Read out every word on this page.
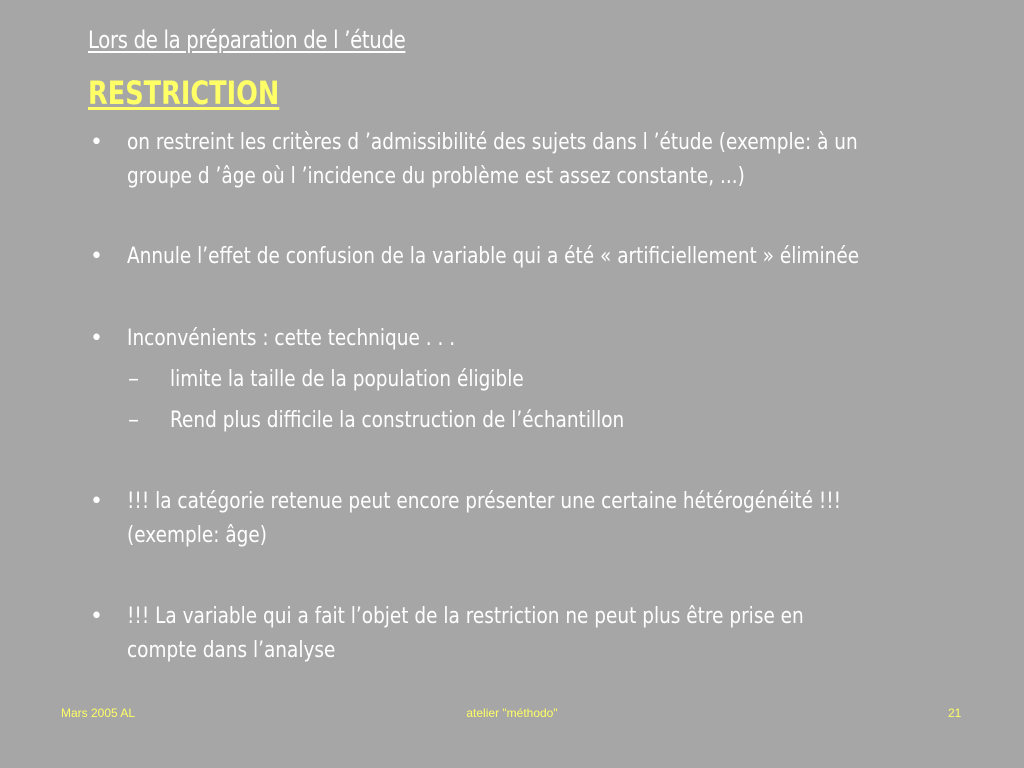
Lors de la préparation de l ’étude
RESTRICTION
• on restreint les critères d ’admissibilité des sujets dans l ’étude (exemple: à un
groupe d ’âge où l ’incidence du problème est assez constante, ...)
• Annule l’effet de confusion de la variable qui a été « artificiellement » éliminée
• Inconvénients : cette technique . . .
– limite la taille de la population éligible
– Rend plus difficile la construction de l’échantillon
• !!! la catégorie retenue peut encore présenter une certaine hétérogénéité !!!
(exemple: âge)
• !!! La variable qui a fait l’objet de la restriction ne peut plus être prise en
compte dans l’analyse
Mars 2005 AL	atelier "méthodo"	21
